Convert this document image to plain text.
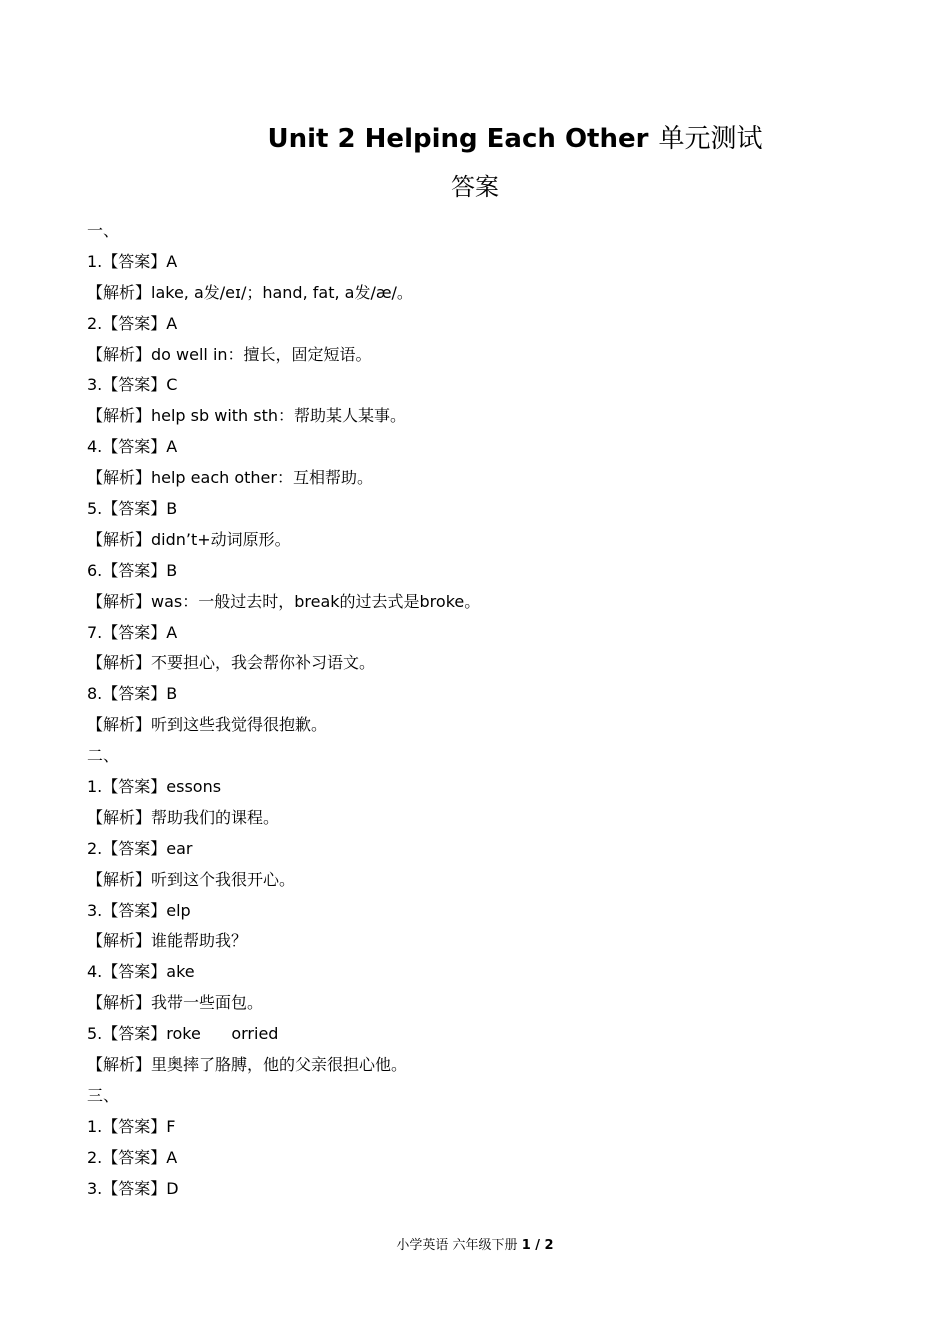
Unit 2 Helping Each Other 单元测试
答案
一、
1.【答案】A
【解析】lake, a发/eɪ/；hand, fat, a发/æ/。
2.【答案】A
【解析】do well in：擅长，固定短语。
3.【答案】C
【解析】help sb with sth：帮助某人某事。
4.【答案】A
【解析】help each other：互相帮助。
5.【答案】B
【解析】didn’t+动词原形。
6.【答案】B
【解析】was：一般过去时，break的过去式是broke。
7.【答案】A
【解析】不要担心，我会帮你补习语文。
8.【答案】B
【解析】听到这些我觉得很抱歉。
二、
1.【答案】essons
【解析】帮助我们的课程。
2.【答案】ear
【解析】听到这个我很开心。
3.【答案】elp
【解析】谁能帮助我？
4.【答案】ake
【解析】我带一些面包。
5.【答案】roke      orried
【解析】里奥摔了胳膊，他的父亲很担心他。
三、
1.【答案】F
2.【答案】A
3.【答案】D
小学英语 六年级下册 1 / 2
